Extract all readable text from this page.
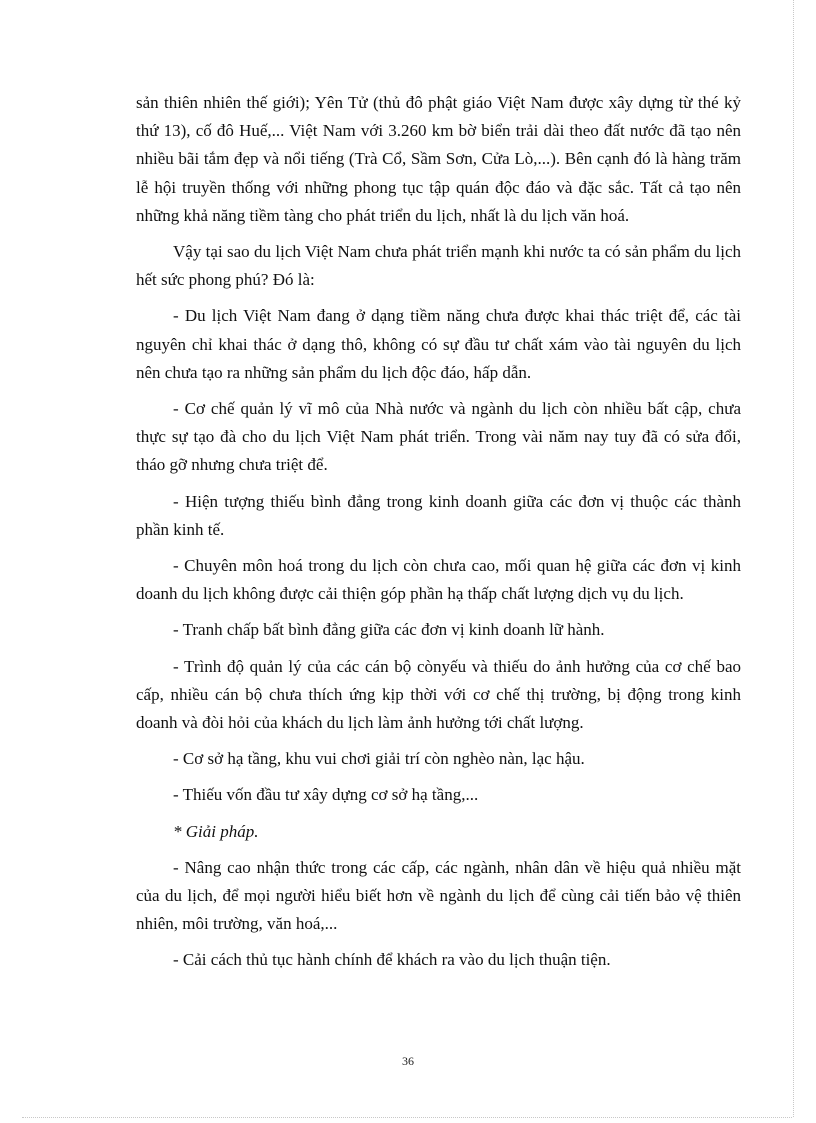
sản thiên nhiên thế giới); Yên Tử (thủ đô phật giáo Việt Nam được xây dựng từ thé kỷ thứ 13), cố đô Huế,... Việt Nam với 3.260 km bờ biển trải dài theo đất nước đã tạo nên nhiều bãi tắm đẹp và nổi tiếng (Trà Cổ, Sầm Sơn, Cửa Lò,...). Bên cạnh đó là hàng trăm lễ hội truyền thống với những phong tục tập quán độc đáo và đặc sắc. Tất cả tạo nên những khả năng tiềm tàng cho phát triển du lịch, nhất là du lịch văn hoá.

Vậy tại sao du lịch Việt Nam chưa phát triển mạnh khi nước ta có sản phẩm du lịch hết sức phong phú? Đó là:

- Du lịch Việt Nam đang ở dạng tiềm năng chưa được khai thác triệt để, các tài nguyên chỉ khai thác ở dạng thô, không có sự đầu tư chất xám vào tài nguyên du lịch nên chưa tạo ra những sản phẩm du lịch độc đáo, hấp dẫn.

- Cơ chế quản lý vĩ mô của Nhà nước và ngành du lịch còn nhiều bất cập, chưa thực sự tạo đà cho du lịch Việt Nam phát triển. Trong vài năm nay tuy đã có sửa đổi, tháo gỡ nhưng chưa triệt để.

- Hiện tượng thiếu bình đẳng trong kinh doanh giữa các đơn vị thuộc các thành phần kinh tế.

- Chuyên môn hoá trong du lịch còn chưa cao, mối quan hệ giữa các đơn vị kinh doanh du lịch không được cải thiện góp phần hạ thấp chất lượng dịch vụ du lịch.

- Tranh chấp bất bình đẳng giữa các đơn vị kinh doanh lữ hành.

- Trình độ quản lý của các cán bộ cònyếu và thiếu do ảnh hưởng của cơ chế bao cấp, nhiều cán bộ chưa thích ứng kịp thời với cơ chế thị trường, bị động trong kinh doanh và đòi hỏi của khách du lịch làm ảnh hưởng tới chất lượng.

- Cơ sở hạ tầng, khu vui chơi giải trí còn nghèo nàn, lạc hậu.

- Thiếu vốn đầu tư xây dựng cơ sở hạ tầng,...

* Giải pháp.

- Nâng cao nhận thức trong các cấp, các ngành, nhân dân về hiệu quả nhiều mặt của du lịch, để mọi người hiểu biết hơn về ngành du lịch để cùng cải tiến bảo vệ thiên nhiên, môi trường, văn hoá,...

- Cải cách thủ tục hành chính để khách ra vào du lịch thuận tiện.

36
